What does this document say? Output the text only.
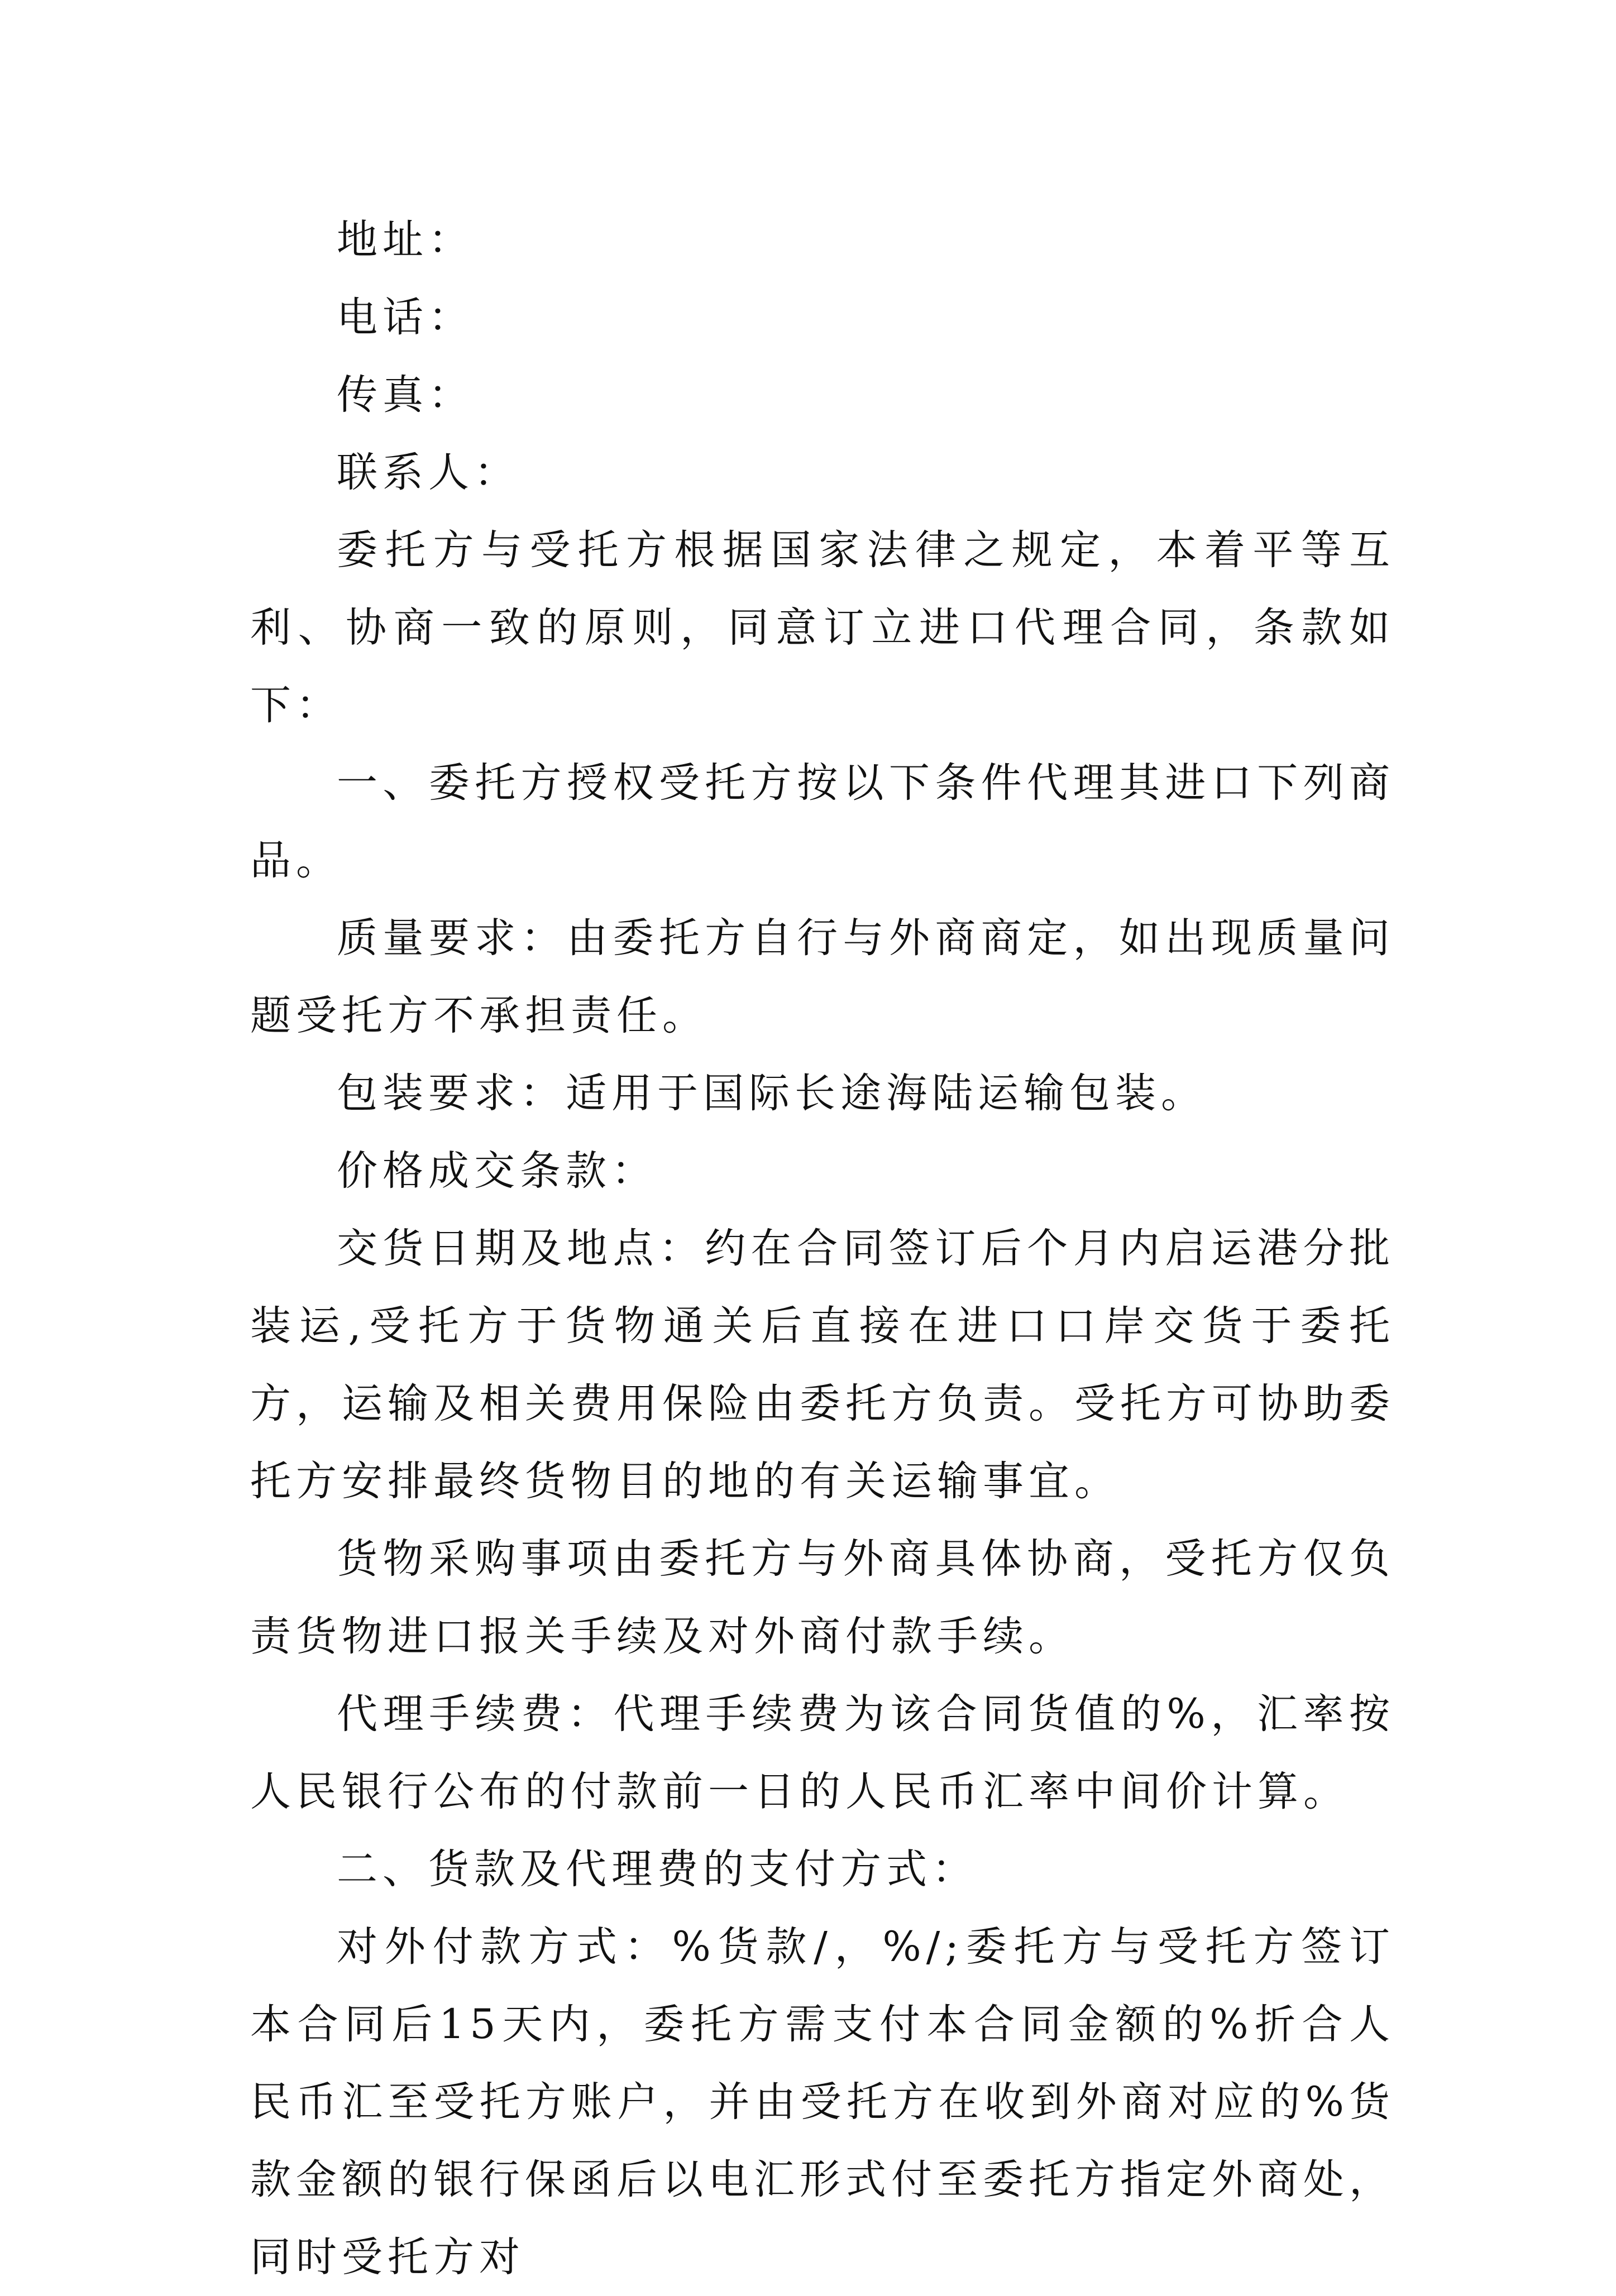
地址：
电话：
传真：
联系人：

委托方与受托方根据国家法律之规定，本着平等互利、协商一致的原则，同意订立进口代理合同，条款如下：

一、委托方授权受托方按以下条件代理其进口下列商品。

质量要求：由委托方自行与外商商定，如出现质量问题受托方不承担责任。

包装要求：适用于国际长途海陆运输包装。

价格成交条款：

交货日期及地点：约在合同签订后个月内启运港分批装运,受托方于货物通关后直接在进口口岸交货于委托方，运输及相关费用保险由委托方负责。受托方可协助委托方安排最终货物目的地的有关运输事宜。

货物采购事项由委托方与外商具体协商，受托方仅负责货物进口报关手续及对外商付款手续。

代理手续费：代理手续费为该合同货值的%，汇率按人民银行公布的付款前一日的人民币汇率中间价计算。

二、货款及代理费的支付方式：

对外付款方式：%货款/，%/;委托方与受托方签订本合同后15天内，委托方需支付本合同金额的%折合人民币汇至受托方账户，并由受托方在收到外商对应的%货款金额的银行保函后以电汇形式付至委托方指定外商处，同时受托方对
